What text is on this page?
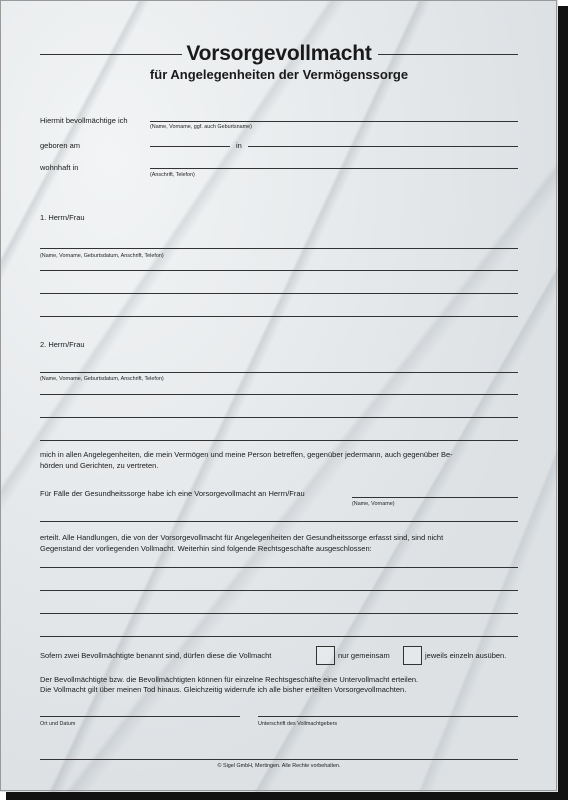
Vorsorgevollmacht
für Angelegenheiten der Vermögenssorge
Hiermit bevollmächtige ich
(Name, Vorname, ggf. auch Geburtsname)
geboren am	in
wohnhaft in
(Anschrift, Telefon)
1. Herrn/Frau
(Name, Vorname, Geburtsdatum, Anschrift, Telefon)
2. Herrn/Frau
(Name, Vorname, Geburtsdatum, Anschrift, Telefon)
mich in allen Angelegenheiten, die mein Vermögen und meine Person betreffen, gegenüber jedermann, auch gegenüber Be-
hörden und Gerichten, zu vertreten.
Für Fälle der Gesundheitssorge habe ich eine Vorsorgevollmacht an Herrn/Frau
(Name, Vorname)
erteilt. Alle Handlungen, die von der Vorsorgevollmacht für Angelegenheiten der Gesundheitssorge erfasst sind, sind nicht
Gegenstand der vorliegenden Vollmacht. Weiterhin sind folgende Rechtsgeschäfte ausgeschlossen:
Sofern zwei Bevollmächtigte benannt sind, dürfen diese die Vollmacht	nur gemeinsam	jeweils einzeln ausüben.
Der Bevollmächtigte bzw. die Bevollmächtigten können für einzelne Rechtsgeschäfte eine Untervollmacht erteilen.
Die Vollmacht gilt über meinen Tod hinaus. Gleichzeitig widerrufe ich alle bisher erteilten Vorsorgevollmachten.
Ort und Datum	Unterschrift des Vollmachtgebers
© Sigel GmbH, Mertingen. Alle Rechte vorbehalten.
